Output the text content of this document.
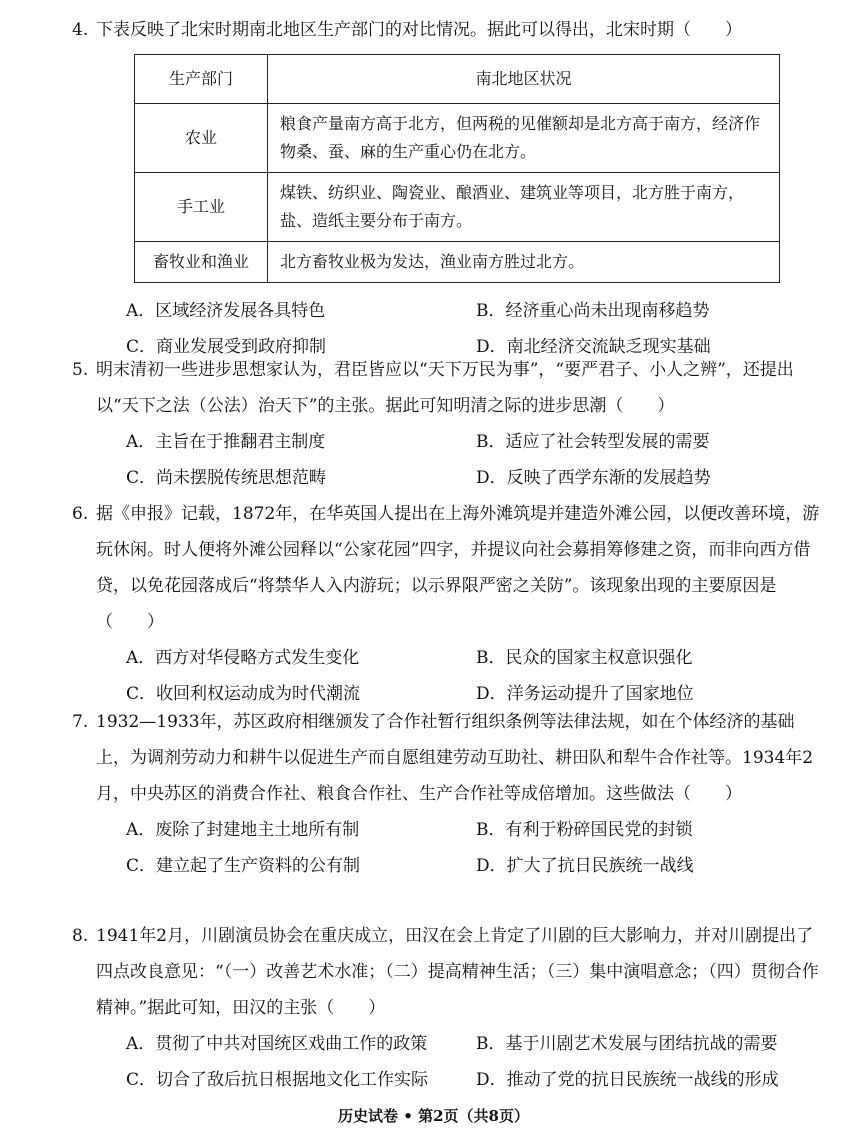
4. 下表反映了北宋时期南北地区生产部门的对比情况。据此可以得出，北宋时期（　　）

生产部门	南北地区状况
农业	粮食产量南方高于北方，但两税的见催额却是北方高于南方，经济作物桑、蚕、麻的生产重心仍在北方。
手工业	煤铁、纺织业、陶瓷业、酿酒业、建筑业等项目，北方胜于南方，盐、造纸主要分布于南方。
畜牧业和渔业	北方畜牧业极为发达，渔业南方胜过北方。
A．区域经济发展各具特色	B．经济重心尚未出现南移趋势
C．商业发展受到政府抑制	D．南北经济交流缺乏现实基础
5. 明末清初一些进步思想家认为，君臣皆应以“天下万民为事”，“要严君子、小人之辨”，还提出以“天下之法（公法）治天下”的主张。据此可知明清之际的进步思潮（　　）

A．主旨在于推翻君主制度	B．适应了社会转型发展的需要
C．尚未摆脱传统思想范畴	D．反映了西学东渐的发展趋势
6. 据《申报》记载，1872年，在华英国人提出在上海外滩筑堤并建造外滩公园，以便改善环境，游玩休闲。时人便将外滩公园释以“公家花园”四字，并提议向社会募捐筹修建之资，而非向西方借贷，以免花园落成后“将禁华人入内游玩；以示界限严密之关防”。该现象出现的主要原因是（　　）

A．西方对华侵略方式发生变化	B．民众的国家主权意识强化
C．收回利权运动成为时代潮流	D．洋务运动提升了国家地位
7. 1932—1933年，苏区政府相继颁发了合作社暂行组织条例等法律法规，如在个体经济的基础上，为调剂劳动力和耕牛以促进生产而自愿组建劳动互助社、耕田队和犁牛合作社等。1934年2月，中央苏区的消费合作社、粮食合作社、生产合作社等成倍增加。这些做法（　　）

A．废除了封建地主土地所有制	B．有利于粉碎国民党的封锁
C．建立起了生产资料的公有制	D．扩大了抗日民族统一战线
8. 1941年2月，川剧演员协会在重庆成立，田汉在会上肯定了川剧的巨大影响力，并对川剧提出了四点改良意见：“（一）改善艺术水准；（二）提高精神生活；（三）集中演唱意念；（四）贯彻合作精神。”据此可知，田汉的主张（　　）

A．贯彻了中共对国统区戏曲工作的政策	B．基于川剧艺术发展与团结抗战的需要
C．切合了敌后抗日根据地文化工作实际	D．推动了党的抗日民族统一战线的形成
历史试卷 • 第2页（共8页）
